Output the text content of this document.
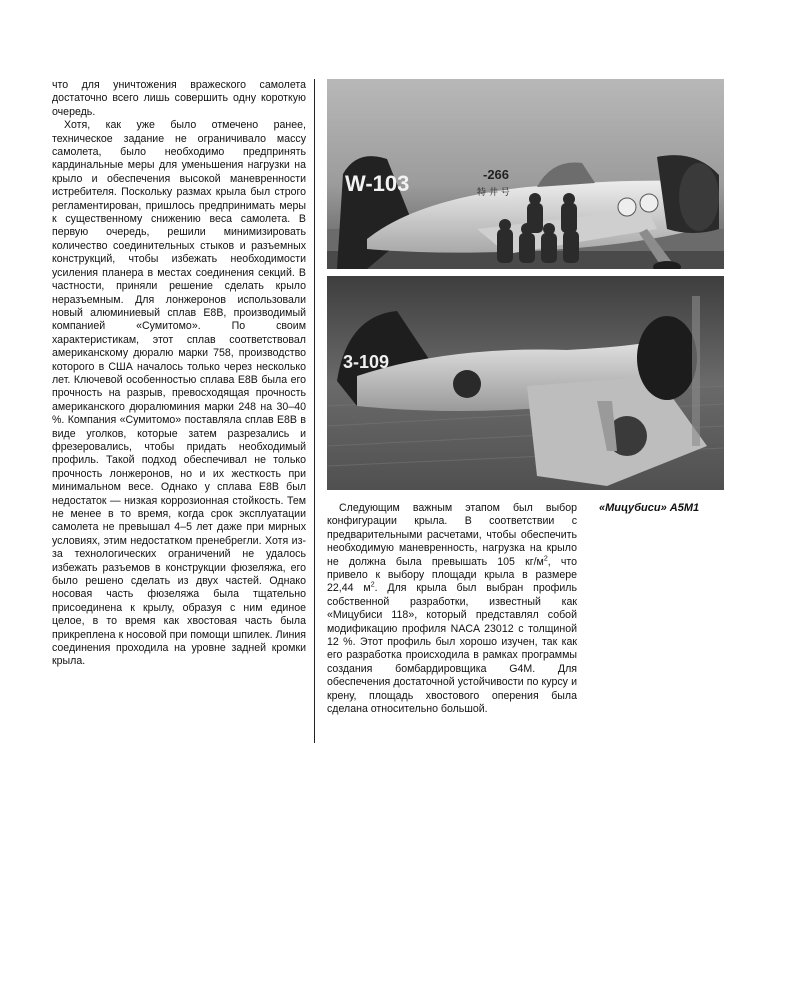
что для уничтожения вражеского самолета достаточно всего лишь совершить одну короткую очередь.

Хотя, как уже было отмечено ранее, техническое задание не ограничивало массу самолета, было необходимо предпринять кардинальные меры для уменьшения нагрузки на крыло и обеспечения высокой маневренности истребителя. Поскольку размах крыла был строго регламентирован, пришлось предпринимать меры к существенному снижению веса самолета. В первую очередь, решили минимизировать количество соединительных стыков и разъемных конструкций, чтобы избежать необходимости усиления планера в местах соединения секций. В частности, приняли решение сделать крыло неразъемным. Для лонжеронов использовали новый алюминиевый сплав E8B, производимый компанией «Сумитомо». По своим характеристикам, этот сплав соответствовал американскому дюралю марки 758, производство которого в США началось только через несколько лет. Ключевой особенностью сплава E8B была его прочность на разрыв, превосходящая прочность американского дюралюминия марки 248 на 30–40 %. Компания «Сумитомо» поставляла сплав E8B в виде уголков, которые затем разрезались и фрезеровались, чтобы придать необходимый профиль. Такой подход обеспечивал не только прочность лонжеронов, но и их жесткость при минимальном весе. Однако у сплава E8B был недостаток — низкая коррозионная стойкость. Тем не менее в то время, когда срок эксплуатации самолета не превышал 4–5 лет даже при мирных условиях, этим недостатком пренебрегли. Хотя из-за технологических ограничений не удалось избежать разъемов в конструкции фюзеляжа, его было решено сделать из двух частей. Однако носовая часть фюзеляжа была тщательно присоединена к крылу, образуя с ним единое целое, в то время как хвостовая часть была прикреплена к носовой при помощи шпилек. Линия соединения проходила на уровне задней кромки крыла.

W-103	-266
特 井 号
3-109

Следующим важным этапом был выбор конфигурации крыла. В соответствии с предварительными расчетами, чтобы обеспечить необходимую маневренность, нагрузка на крыло не должна была превышать 105 $кг/м^2$, что привело к выбору площади крыла в размере 22,44 $м^2$. Для крыла был выбран профиль собственной разработки, известный как «Мицубиси 118», который представлял собой модификацию профиля NACA 23012 с толщиной 12 %. Этот профиль был хорошо изучен, так как его разработка происходила в рамках программы создания бомбардировщика G4M. Для обеспечения достаточной устойчивости по курсу и крену, площадь хвостового оперения была сделана относительно большой.

«Мицубиси» A5M1
